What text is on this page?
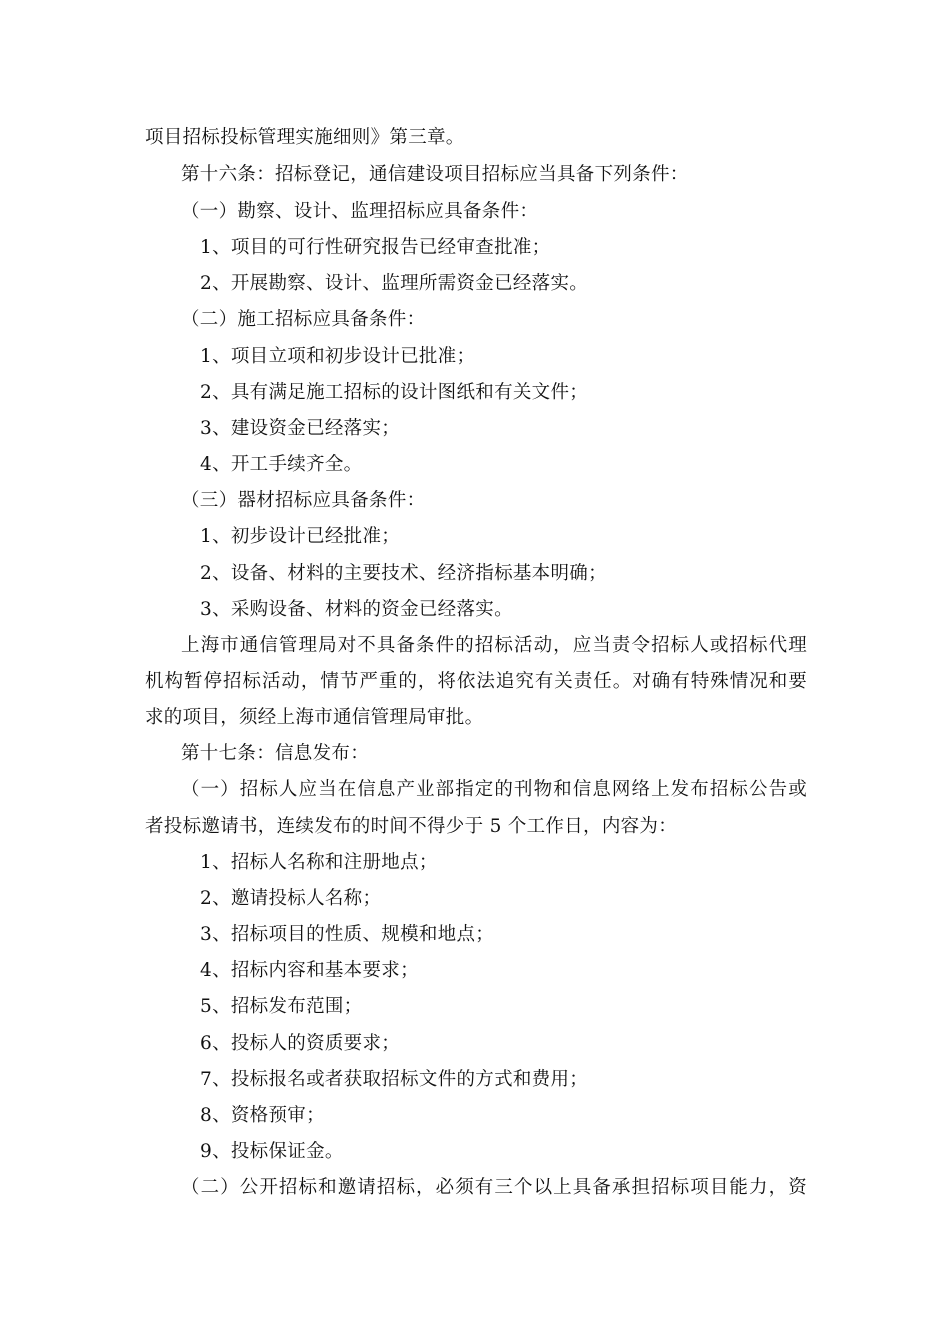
项目招标投标管理实施细则》第三章。
第十六条：招标登记，通信建设项目招标应当具备下列条件：
（一）勘察、设计、监理招标应具备条件：
1、项目的可行性研究报告已经审查批准；
2、开展勘察、设计、监理所需资金已经落实。
（二）施工招标应具备条件：
1、项目立项和初步设计已批准；
2、具有满足施工招标的设计图纸和有关文件；
3、建设资金已经落实；
4、开工手续齐全。
（三）器材招标应具备条件：
1、初步设计已经批准；
2、设备、材料的主要技术、经济指标基本明确；
3、采购设备、材料的资金已经落实。
上海市通信管理局对不具备条件的招标活动，应当责令招标人或招标代理
机构暂停招标活动，情节严重的，将依法追究有关责任。对确有特殊情况和要
求的项目，须经上海市通信管理局审批。
第十七条：信息发布：
（一）招标人应当在信息产业部指定的刊物和信息网络上发布招标公告或
者投标邀请书，连续发布的时间不得少于 5 个工作日，内容为：
1、招标人名称和注册地点；
2、邀请投标人名称；
3、招标项目的性质、规模和地点；
4、招标内容和基本要求；
5、招标发布范围；
6、投标人的资质要求；
7、投标报名或者获取招标文件的方式和费用；
8、资格预审；
9、投标保证金。
（二）公开招标和邀请招标，必须有三个以上具备承担招标项目能力，资
